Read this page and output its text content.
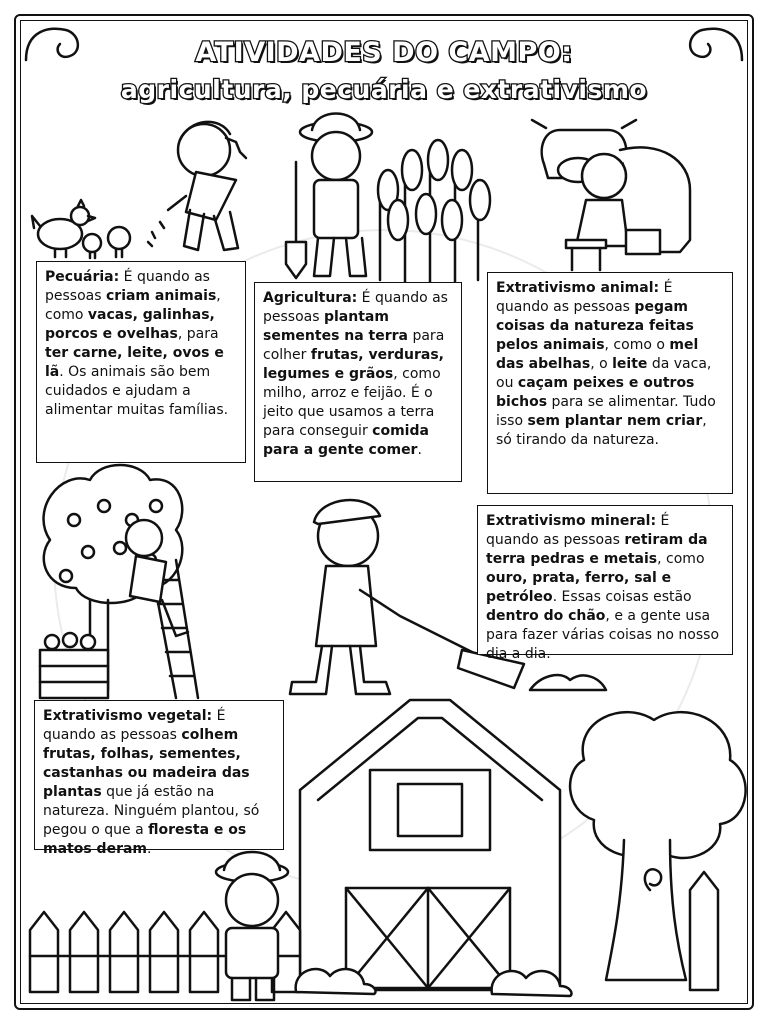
ATIVIDADES DO CAMPO:
agricultura, pecuária e extrativismo
Pecuária: É quando as pessoas criam animais, como vacas, galinhas, porcos e ovelhas, para ter carne, leite, ovos e lã. Os animais são bem cuidados e ajudam a alimentar muitas famílias.
Agricultura: É quando as pessoas plantam sementes na terra para colher frutas, verduras, legumes e grãos, como milho, arroz e feijão. É o jeito que usamos a terra para conseguir comida para a gente comer.
Extrativismo animal: É quando as pessoas pegam coisas da natureza feitas pelos animais, como o mel das abelhas, o leite da vaca, ou caçam peixes e outros bichos para se alimentar. Tudo isso sem plantar nem criar, só tirando da natureza.
Extrativismo mineral: É quando as pessoas retiram da terra pedras e metais, como ouro, prata, ferro, sal e petróleo. Essas coisas estão dentro do chão, e a gente usa para fazer várias coisas no nosso dia a dia.
Extrativismo vegetal: É quando as pessoas colhem frutas, folhas, sementes, castanhas ou madeira das plantas que já estão na natureza. Ninguém plantou, só pegou o que a floresta e os matos deram.
